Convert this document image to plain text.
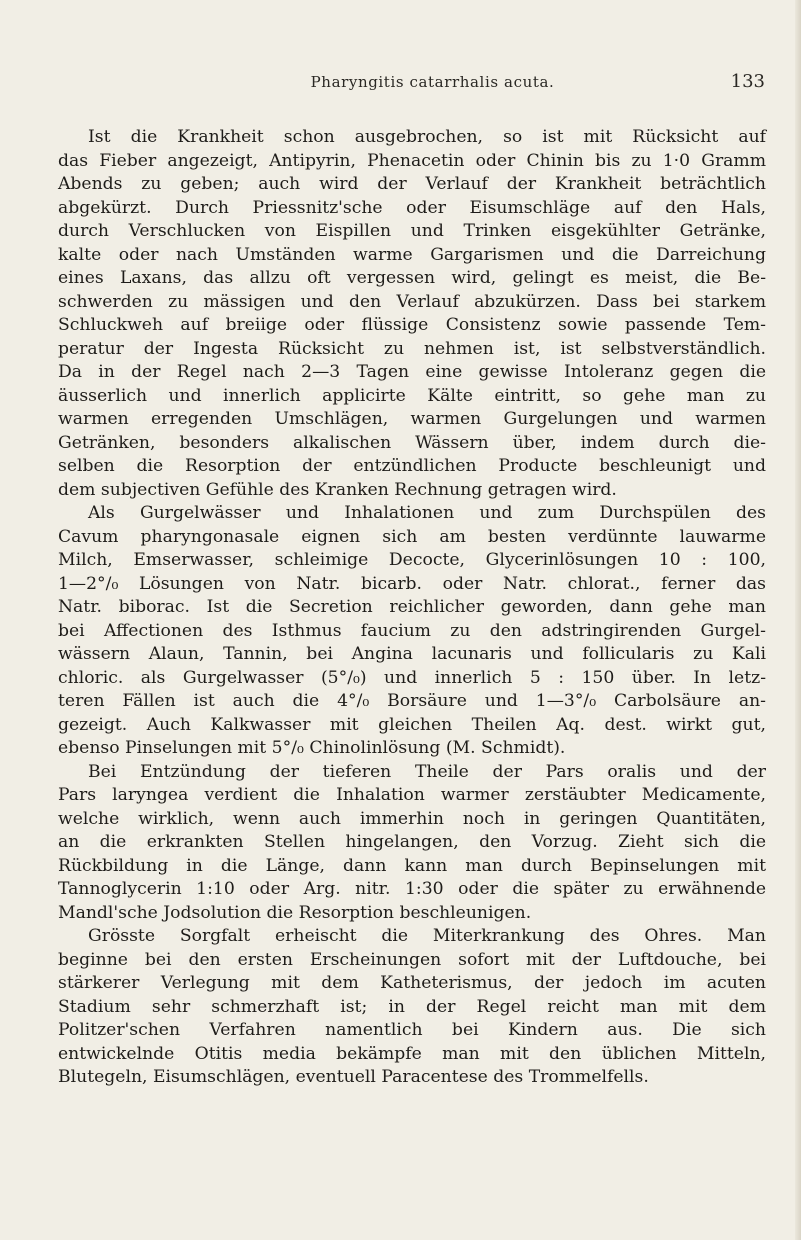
Pharyngitis catarrhalis acuta.	133
Ist die Krankheit schon ausgebrochen, so ist mit Rücksicht auf
das Fieber angezeigt, Antipyrin, Phenacetin oder Chinin bis zu 1·0 Gramm
Abends zu geben; auch wird der Verlauf der Krankheit beträchtlich
abgekürzt. Durch Priessnitz'sche oder Eisumschläge auf den Hals,
durch Verschlucken von Eispillen und Trinken eisgekühlter Getränke,
kalte oder nach Umständen warme Gargarismen und die Darreichung
eines Laxans, das allzu oft vergessen wird, gelingt es meist, die Be-
schwerden zu mässigen und den Verlauf abzukürzen. Dass bei starkem
Schluckweh auf breiige oder flüssige Consistenz sowie passende Tem-
peratur der Ingesta Rücksicht zu nehmen ist, ist selbstverständlich.
Da in der Regel nach 2—3 Tagen eine gewisse Intoleranz gegen die
äusserlich und innerlich applicirte Kälte eintritt, so gehe man zu
warmen erregenden Umschlägen, warmen Gurgelungen und warmen
Getränken, besonders alkalischen Wässern über, indem durch die-
selben die Resorption der entzündlichen Producte beschleunigt und
dem subjectiven Gefühle des Kranken Rechnung getragen wird.
Als Gurgelwässer und Inhalationen und zum Durchspülen des
Cavum pharyngonasale eignen sich am besten verdünnte lauwarme
Milch, Emserwasser, schleimige Decocte, Glycerinlösungen 10 : 100,
1—2°/₀ Lösungen von Natr. bicarb. oder Natr. chlorat., ferner das
Natr. biborac. Ist die Secretion reichlicher geworden, dann gehe man
bei Affectionen des Isthmus faucium zu den adstringirenden Gurgel-
wässern Alaun, Tannin, bei Angina lacunaris und follicularis zu Kali
chloric. als Gurgelwasser (5°/₀) und innerlich 5 : 150 über. In letz-
teren Fällen ist auch die 4°/₀ Borsäure und 1—3°/₀ Carbolsäure an-
gezeigt. Auch Kalkwasser mit gleichen Theilen Aq. dest. wirkt gut,
ebenso Pinselungen mit 5°/₀ Chinolinlösung (M. Schmidt).
Bei Entzündung der tieferen Theile der Pars oralis und der
Pars laryngea verdient die Inhalation warmer zerstäubter Medicamente,
welche wirklich, wenn auch immerhin noch in geringen Quantitäten,
an die erkrankten Stellen hingelangen, den Vorzug. Zieht sich die
Rückbildung in die Länge, dann kann man durch Bepinselungen mit
Tannoglycerin 1:10 oder Arg. nitr. 1:30 oder die später zu erwähnende
Mandl'sche Jodsolution die Resorption beschleunigen.
Grösste Sorgfalt erheischt die Miterkrankung des Ohres. Man
beginne bei den ersten Erscheinungen sofort mit der Luftdouche, bei
stärkerer Verlegung mit dem Katheterismus, der jedoch im acuten
Stadium sehr schmerzhaft ist; in der Regel reicht man mit dem
Politzer'schen Verfahren namentlich bei Kindern aus. Die sich
entwickelnde Otitis media bekämpfe man mit den üblichen Mitteln,
Blutegeln, Eisumschlägen, eventuell Paracentese des Trommelfells.
